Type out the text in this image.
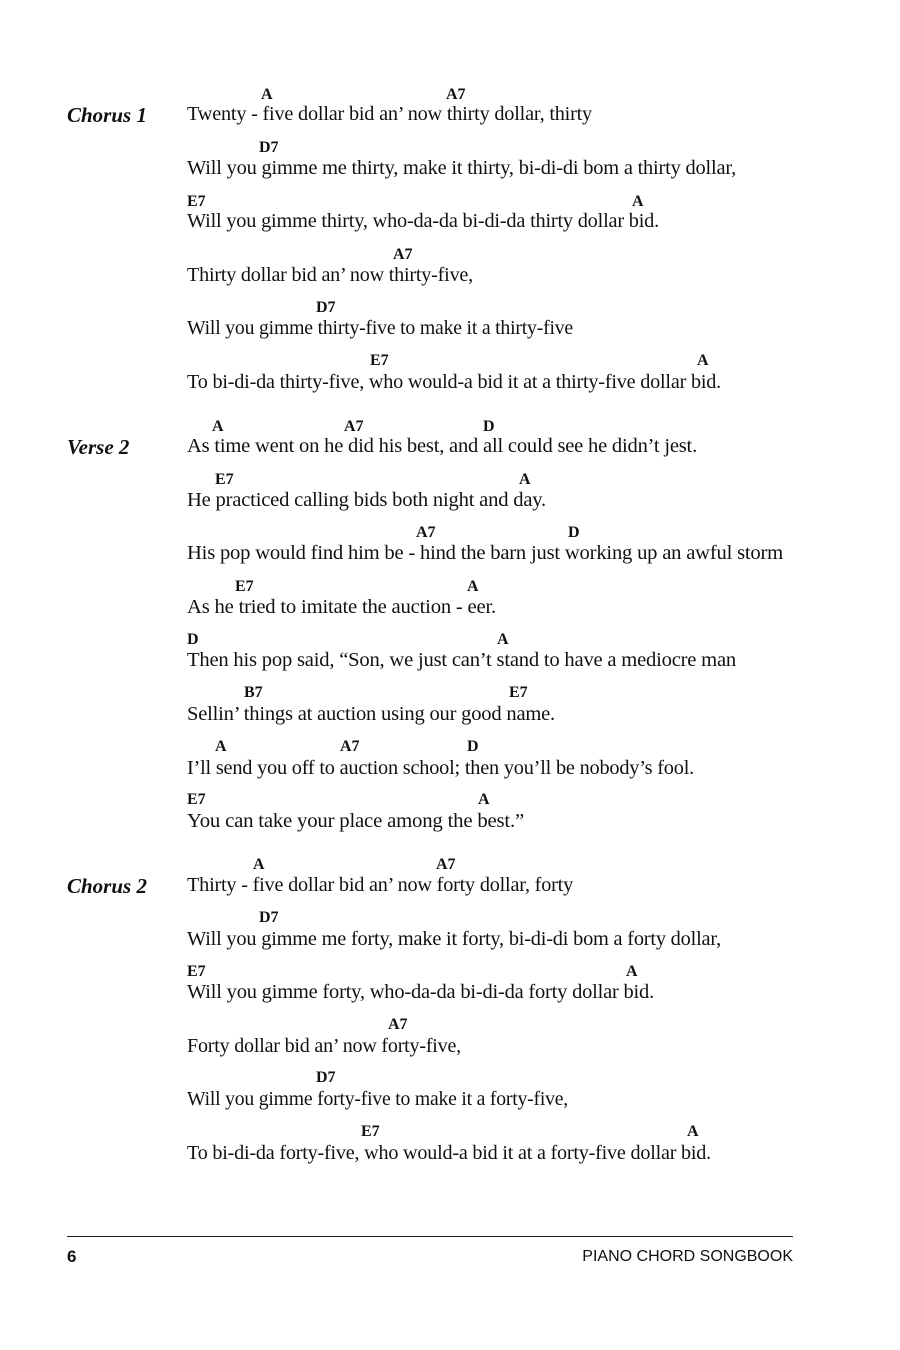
Chorus 1
Verse 2
Chorus 2
A	A7
Twenty - five dollar bid an’ now thirty dollar, thirty
D7
Will you gimme me thirty, make it thirty, bi-di-di bom a thirty dollar,
E7	A
Will you gimme thirty, who-da-da bi-di-da thirty dollar bid.
A7
Thirty dollar bid an’ now thirty-five,
D7
Will you gimme thirty-five to make it a thirty-five
E7	A
To bi-di-da thirty-five, who would-a bid it at a thirty-five dollar bid.
A	A7	D
As time went on he did his best, and all could see he didn’t jest.
E7	A
He practiced calling bids both night and day.
A7	D
His pop would find him be - hind the barn just working up an awful storm
E7	A
As he tried to imitate the auction - eer.
D	A
Then his pop said, “Son, we just can’t stand to have a mediocre man
B7	E7
Sellin’ things at auction using our good name.
A	A7	D
I’ll send you off to auction school; then you’ll be nobody’s fool.
E7	A
You can take your place among the best.”
A	A7
Thirty - five dollar bid an’ now forty dollar, forty
D7
Will you gimme me forty, make it forty, bi-di-di bom a forty dollar,
E7	A
Will you gimme forty, who-da-da bi-di-da forty dollar bid.
A7
Forty dollar bid an’ now forty-five,
D7
Will you gimme forty-five to make it a forty-five,
E7	A
To bi-di-da forty-five, who would-a bid it at a forty-five dollar bid.
6	PIANO CHORD SONGBOOK
